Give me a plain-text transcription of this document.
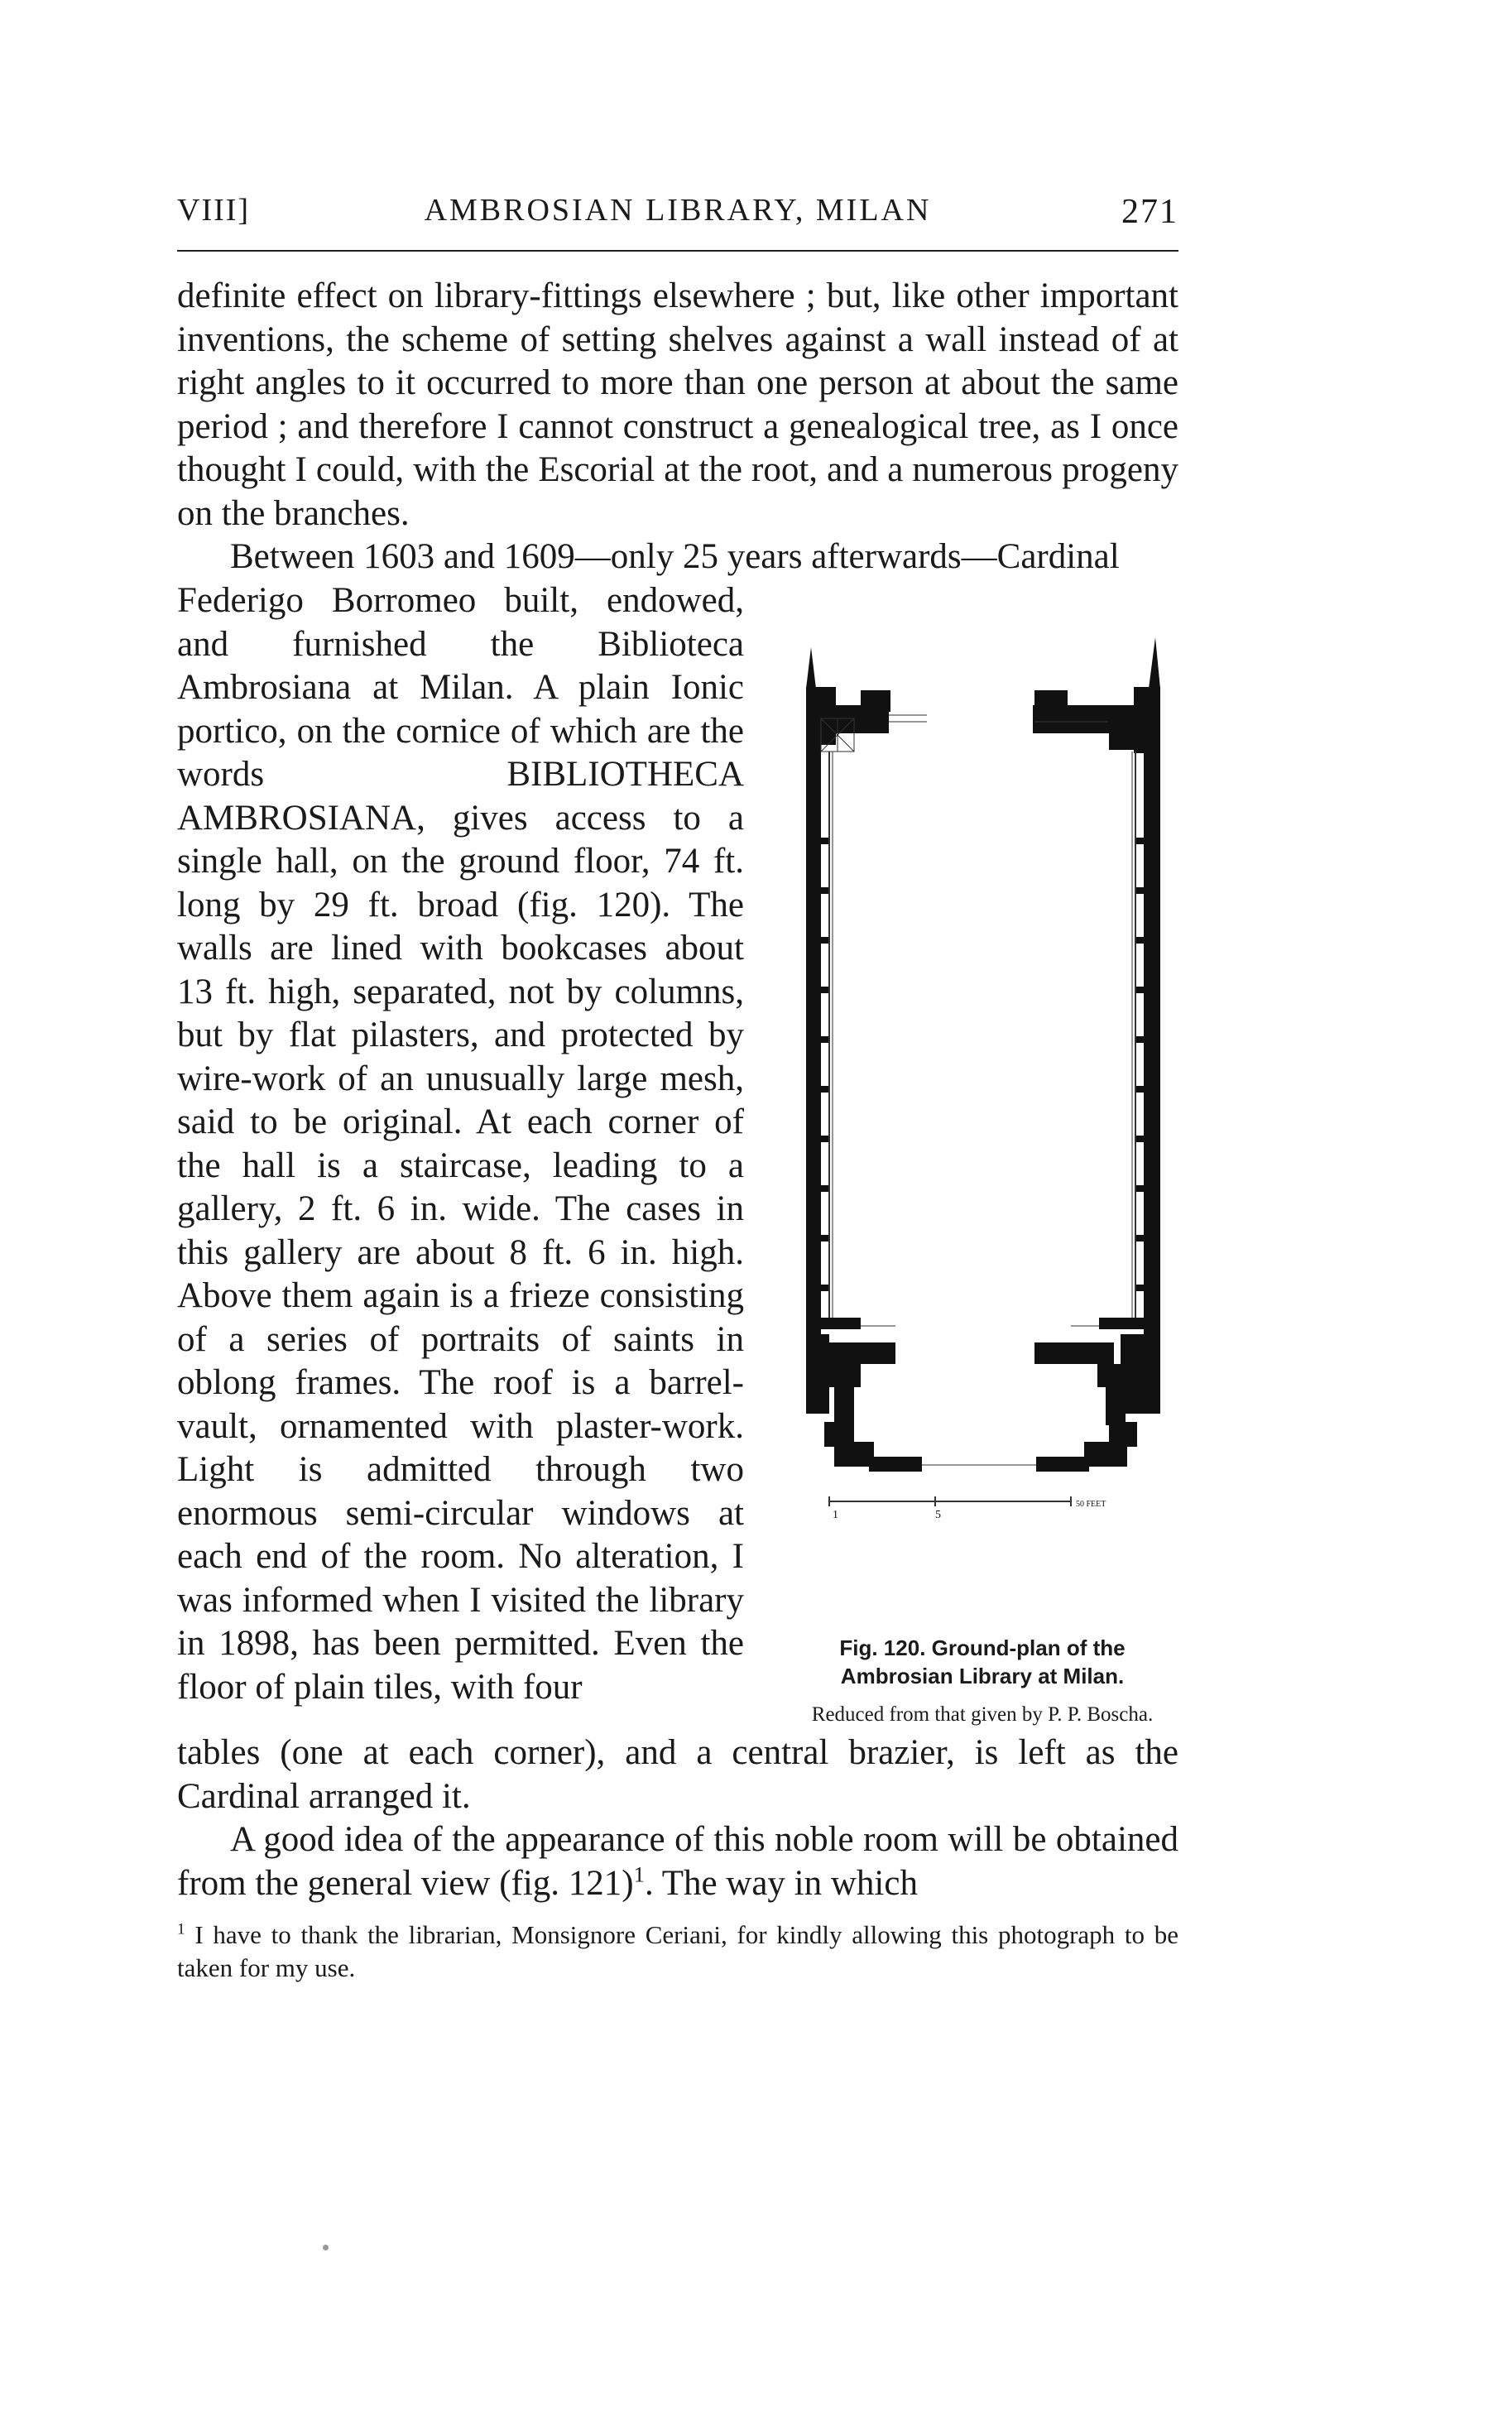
VIII]	AMBROSIAN LIBRARY, MILAN	271

definite effect on library-fittings elsewhere ; but, like other important inventions, the scheme of setting shelves against a wall instead of at right angles to it occurred to more than one person at about the same period ; and therefore I cannot construct a genealogical tree, as I once thought I could, with the Escorial at the root, and a numerous progeny on the branches.

Between 1603 and 1609—only 25 years afterwards—Cardinal

Federigo Borromeo built, endowed, and furnished the Biblioteca Ambrosiana at Milan. A plain Ionic portico, on the cornice of which are the words BIBLIOTHECA AMBROSIANA, gives access to a single hall, on the ground floor, 74 ft. long by 29 ft. broad (fig. 120). The walls are lined with bookcases about 13 ft. high, separated, not by columns, but by flat pilasters, and protected by wire-work of an unusually large mesh, said to be original. At each corner of the hall is a staircase, leading to a gallery, 2 ft. 6 in. wide. The cases in this gallery are about 8 ft. 6 in. high. Above them again is a frieze consisting of a series of portraits of saints in oblong frames. The roof is a barrel-vault, ornamented with plaster-work. Light is admitted through two enormous semi-circular windows at each end of the room. No alteration, I was informed when I visited the library in 1898, has been permitted. Even the floor of plain tiles, with four

1	5
50 FEET

Fig. 120. Ground-plan of the Ambrosian Library at Milan.

Reduced from that given by P. P. Boscha.

tables (one at each corner), and a central brazier, is left as the Cardinal arranged it.

A good idea of the appearance of this noble room will be obtained from the general view (fig. 121)$^1$. The way in which

$^1$ I have to thank the librarian, Monsignore Ceriani, for kindly allowing this photograph to be taken for my use.
